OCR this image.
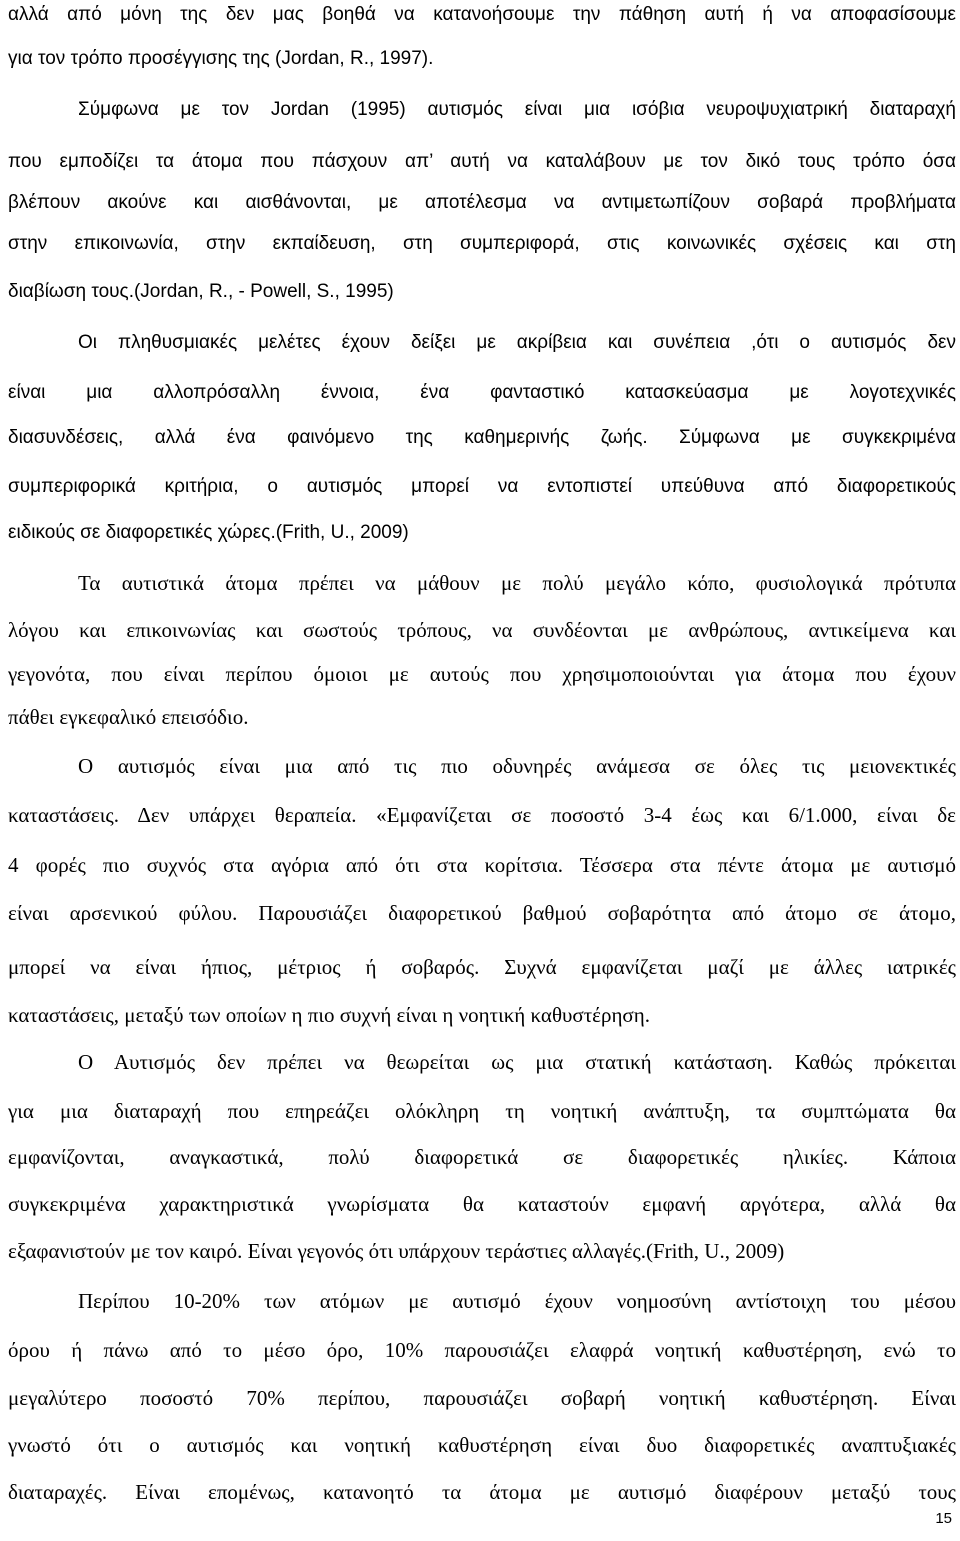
αλλά από μόνη της δεν μας βοηθά να κατανοήσουμε την πάθηση αυτή ή να αποφασίσουμε
για τον τρόπο προσέγγισης της (Jordan, R., 1997).
Σύμφωνα με τον Jordan (1995) αυτισμός είναι μια ισόβια νευροψυχιατρική διαταραχή
που εμποδίζει τα άτομα που πάσχουν απ’ αυτή να καταλάβουν με τον δικό τους τρόπο όσα
βλέπουν ακούνε και αισθάνονται, με αποτέλεσμα να αντιμετωπίζουν σοβαρά προβλήματα
στην επικοινωνία, στην εκπαίδευση, στη συμπεριφορά, στις κοινωνικές σχέσεις και στη
διαβίωση τους.(Jordan, R., - Powell, S., 1995)
Οι πληθυσμιακές μελέτες έχουν δείξει με ακρίβεια και συνέπεια ,ότι ο αυτισμός δεν
είναι μια αλλοπρόσαλλη έννοια, ένα φανταστικό κατασκεύασμα με λογοτεχνικές
διασυνδέσεις, αλλά ένα φαινόμενο της καθημερινής ζωής. Σύμφωνα με συγκεκριμένα
συμπεριφορικά κριτήρια, ο αυτισμός μπορεί να εντοπιστεί υπεύθυνα από διαφορετικούς
ειδικούς σε διαφορετικές χώρες.(Frith, U., 2009)
Τα αυτιστικά άτομα πρέπει να μάθουν με πολύ μεγάλο κόπο, φυσιολογικά πρότυπα
λόγου και επικοινωνίας και σωστούς τρόπους, να συνδέονται με ανθρώπους, αντικείμενα και
γεγονότα, που είναι περίπου όμοιοι με αυτούς που χρησιμοποιούνται για άτομα που έχουν
πάθει εγκεφαλικό επεισόδιο.
Ο αυτισμός είναι μια από τις πιο οδυνηρές ανάμεσα σε όλες τις μειονεκτικές
καταστάσεις. Δεν υπάρχει θεραπεία. «Εμφανίζεται σε ποσοστό 3-4 έως και 6/1.000, είναι δε
4 φορές πιο συχνός στα αγόρια από ότι στα κορίτσια. Τέσσερα στα πέντε άτομα με αυτισμό
είναι αρσενικού φύλου. Παρουσιάζει διαφορετικού βαθμού σοβαρότητα από άτομο σε άτομο,
μπορεί να είναι ήπιος, μέτριος ή σοβαρός. Συχνά εμφανίζεται μαζί με άλλες ιατρικές
καταστάσεις, μεταξύ των οποίων η πιο συχνή είναι η νοητική καθυστέρηση.
Ο Αυτισμός δεν πρέπει να θεωρείται ως μια στατική κατάσταση. Καθώς πρόκειται
για μια διαταραχή που επηρεάζει ολόκληρη τη νοητική ανάπτυξη, τα συμπτώματα θα
εμφανίζονται, αναγκαστικά, πολύ διαφορετικά σε διαφορετικές ηλικίες. Κάποια
συγκεκριμένα χαρακτηριστικά γνωρίσματα θα καταστούν εμφανή αργότερα, αλλά θα
εξαφανιστούν με τον καιρό. Είναι γεγονός ότι υπάρχουν τεράστιες αλλαγές.(Frith, U., 2009)
Περίπου 10-20% των ατόμων με αυτισμό έχουν νοημοσύνη αντίστοιχη του μέσου
όρου ή πάνω από το μέσο όρο, 10% παρουσιάζει ελαφρά νοητική καθυστέρηση, ενώ το
μεγαλύτερο ποσοστό 70% περίπου, παρουσιάζει σοβαρή νοητική καθυστέρηση. Είναι
γνωστό ότι ο αυτισμός και νοητική καθυστέρηση είναι δυο διαφορετικές αναπτυξιακές
διαταραχές. Είναι επομένως, κατανοητό τα άτομα με αυτισμό διαφέρουν μεταξύ τους
15
